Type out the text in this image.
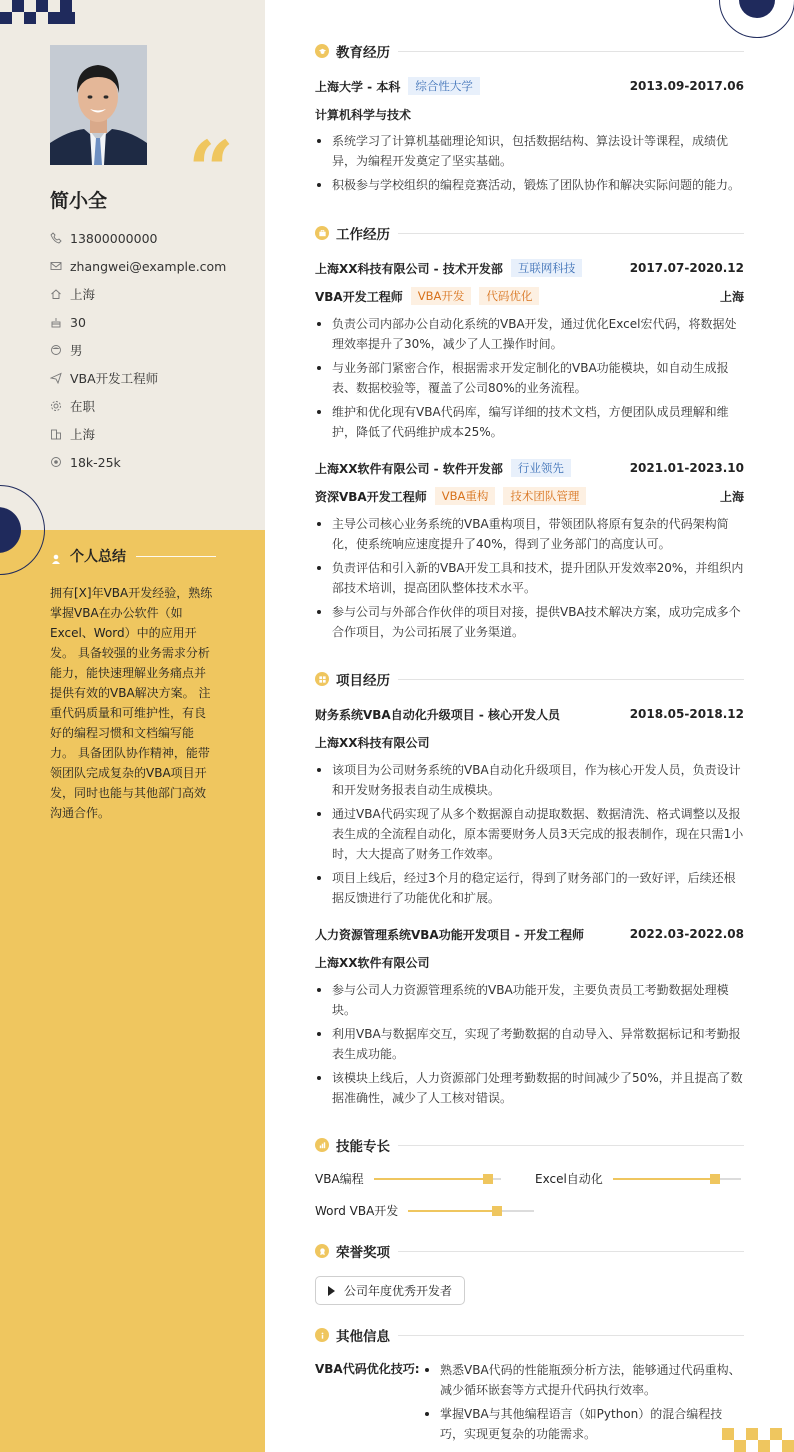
“
简小全
13800000000
zhangwei@example.com
上海
30
男
VBA开发工程师
在职
上海
18k-25k
个人总结
拥有[X]年VBA开发经验，熟练掌握VBA在办公软件（如Excel、Word）中的应用开发。 具备较强的业务需求分析能力，能快速理解业务痛点并提供有效的VBA解决方案。 注重代码质量和可维护性，有良好的编程习惯和文档编写能力。 具备团队协作精神，能带领团队完成复杂的VBA项目开发，同时也能与其他部门高效沟通合作。
教育经历
上海大学 - 本科	综合性大学	2013.09-2017.06
计算机科学与技术
系统学习了计算机基础理论知识，包括数据结构、算法设计等课程，成绩优异，为编程开发奠定了坚实基础。
积极参与学校组织的编程竞赛活动，锻炼了团队协作和解决实际问题的能力。
工作经历
上海XX科技有限公司 - 技术开发部	互联网科技	2017.07-2020.12
VBA开发工程师	VBA开发	代码优化	上海
负责公司内部办公自动化系统的VBA开发，通过优化Excel宏代码，将数据处理效率提升了30%，减少了人工操作时间。
与业务部门紧密合作，根据需求开发定制化的VBA功能模块，如自动生成报表、数据校验等，覆盖了公司80%的业务流程。
维护和优化现有VBA代码库，编写详细的技术文档，方便团队成员理解和维护，降低了代码维护成本25%。
上海XX软件有限公司 - 软件开发部	行业领先	2021.01-2023.10
资深VBA开发工程师	VBA重构	技术团队管理	上海
主导公司核心业务系统的VBA重构项目，带领团队将原有复杂的代码架构简化，使系统响应速度提升了40%，得到了业务部门的高度认可。
负责评估和引入新的VBA开发工具和技术，提升团队开发效率20%，并组织内部技术培训，提高团队整体技术水平。
参与公司与外部合作伙伴的项目对接，提供VBA技术解决方案，成功完成多个合作项目，为公司拓展了业务渠道。
项目经历
财务系统VBA自动化升级项目 - 核心开发人员	2018.05-2018.12
上海XX科技有限公司
该项目为公司财务系统的VBA自动化升级项目，作为核心开发人员，负责设计和开发财务报表自动生成模块。
通过VBA代码实现了从多个数据源自动提取数据、数据清洗、格式调整以及报表生成的全流程自动化，原本需要财务人员3天完成的报表制作，现在只需1小时，大大提高了财务工作效率。
项目上线后，经过3个月的稳定运行，得到了财务部门的一致好评，后续还根据反馈进行了功能优化和扩展。
人力资源管理系统VBA功能开发项目 - 开发工程师	2022.03-2022.08
上海XX软件有限公司
参与公司人力资源管理系统的VBA功能开发，主要负责员工考勤数据处理模块。
利用VBA与数据库交互，实现了考勤数据的自动导入、异常数据标记和考勤报表生成功能。
该模块上线后，人力资源部门处理考勤数据的时间减少了50%，并且提高了数据准确性，减少了人工核对错误。
技能专长
VBA编程	Excel自动化
Word VBA开发
荣誉奖项
公司年度优秀开发者
其他信息
VBA代码优化技巧:	熟悉VBA代码的性能瓶颈分析方法，能够通过代码重构、减少循环嵌套等方式提升代码执行效率。
掌握VBA与其他编程语言（如Python）的混合编程技巧，实现更复杂的功能需求。
